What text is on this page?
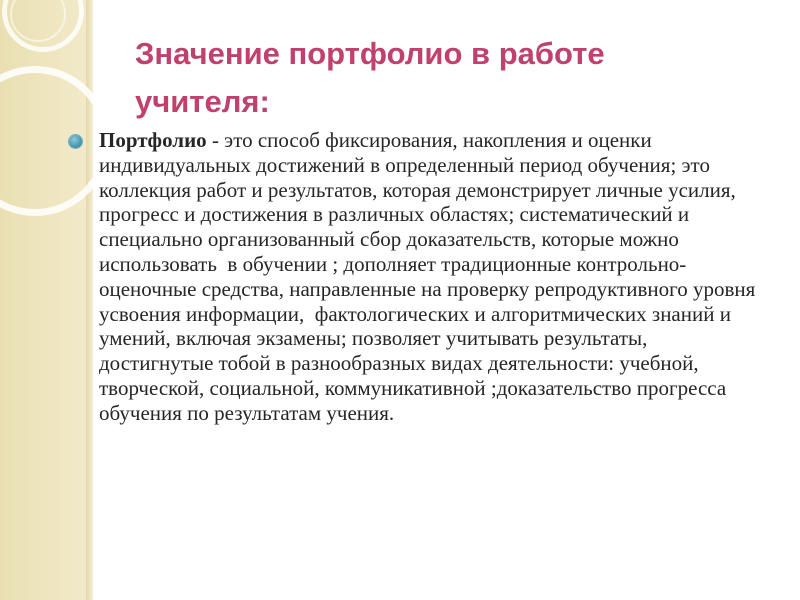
Значение портфолио в работе учителя:

Портфолио - это способ фиксирования, накопления и оценки индивидуальных достижений в определенный период обучения; это коллекция работ и результатов, которая демонстрирует личные усилия, прогресс и достижения в различных областях; систематический и специально организованный сбор доказательств, которые можно использовать  в обучении ; дополняет традиционные контрольно-оценочные средства, направленные на проверку репродуктивного уровня усвоения информации,  фактологических и алгоритмических знаний и умений, включая экзамены; позволяет учитывать результаты, достигнутые тобой в разнообразных видах деятельности: учебной, творческой, социальной, коммуникативной ;доказательство прогресса обучения по результатам учения.
